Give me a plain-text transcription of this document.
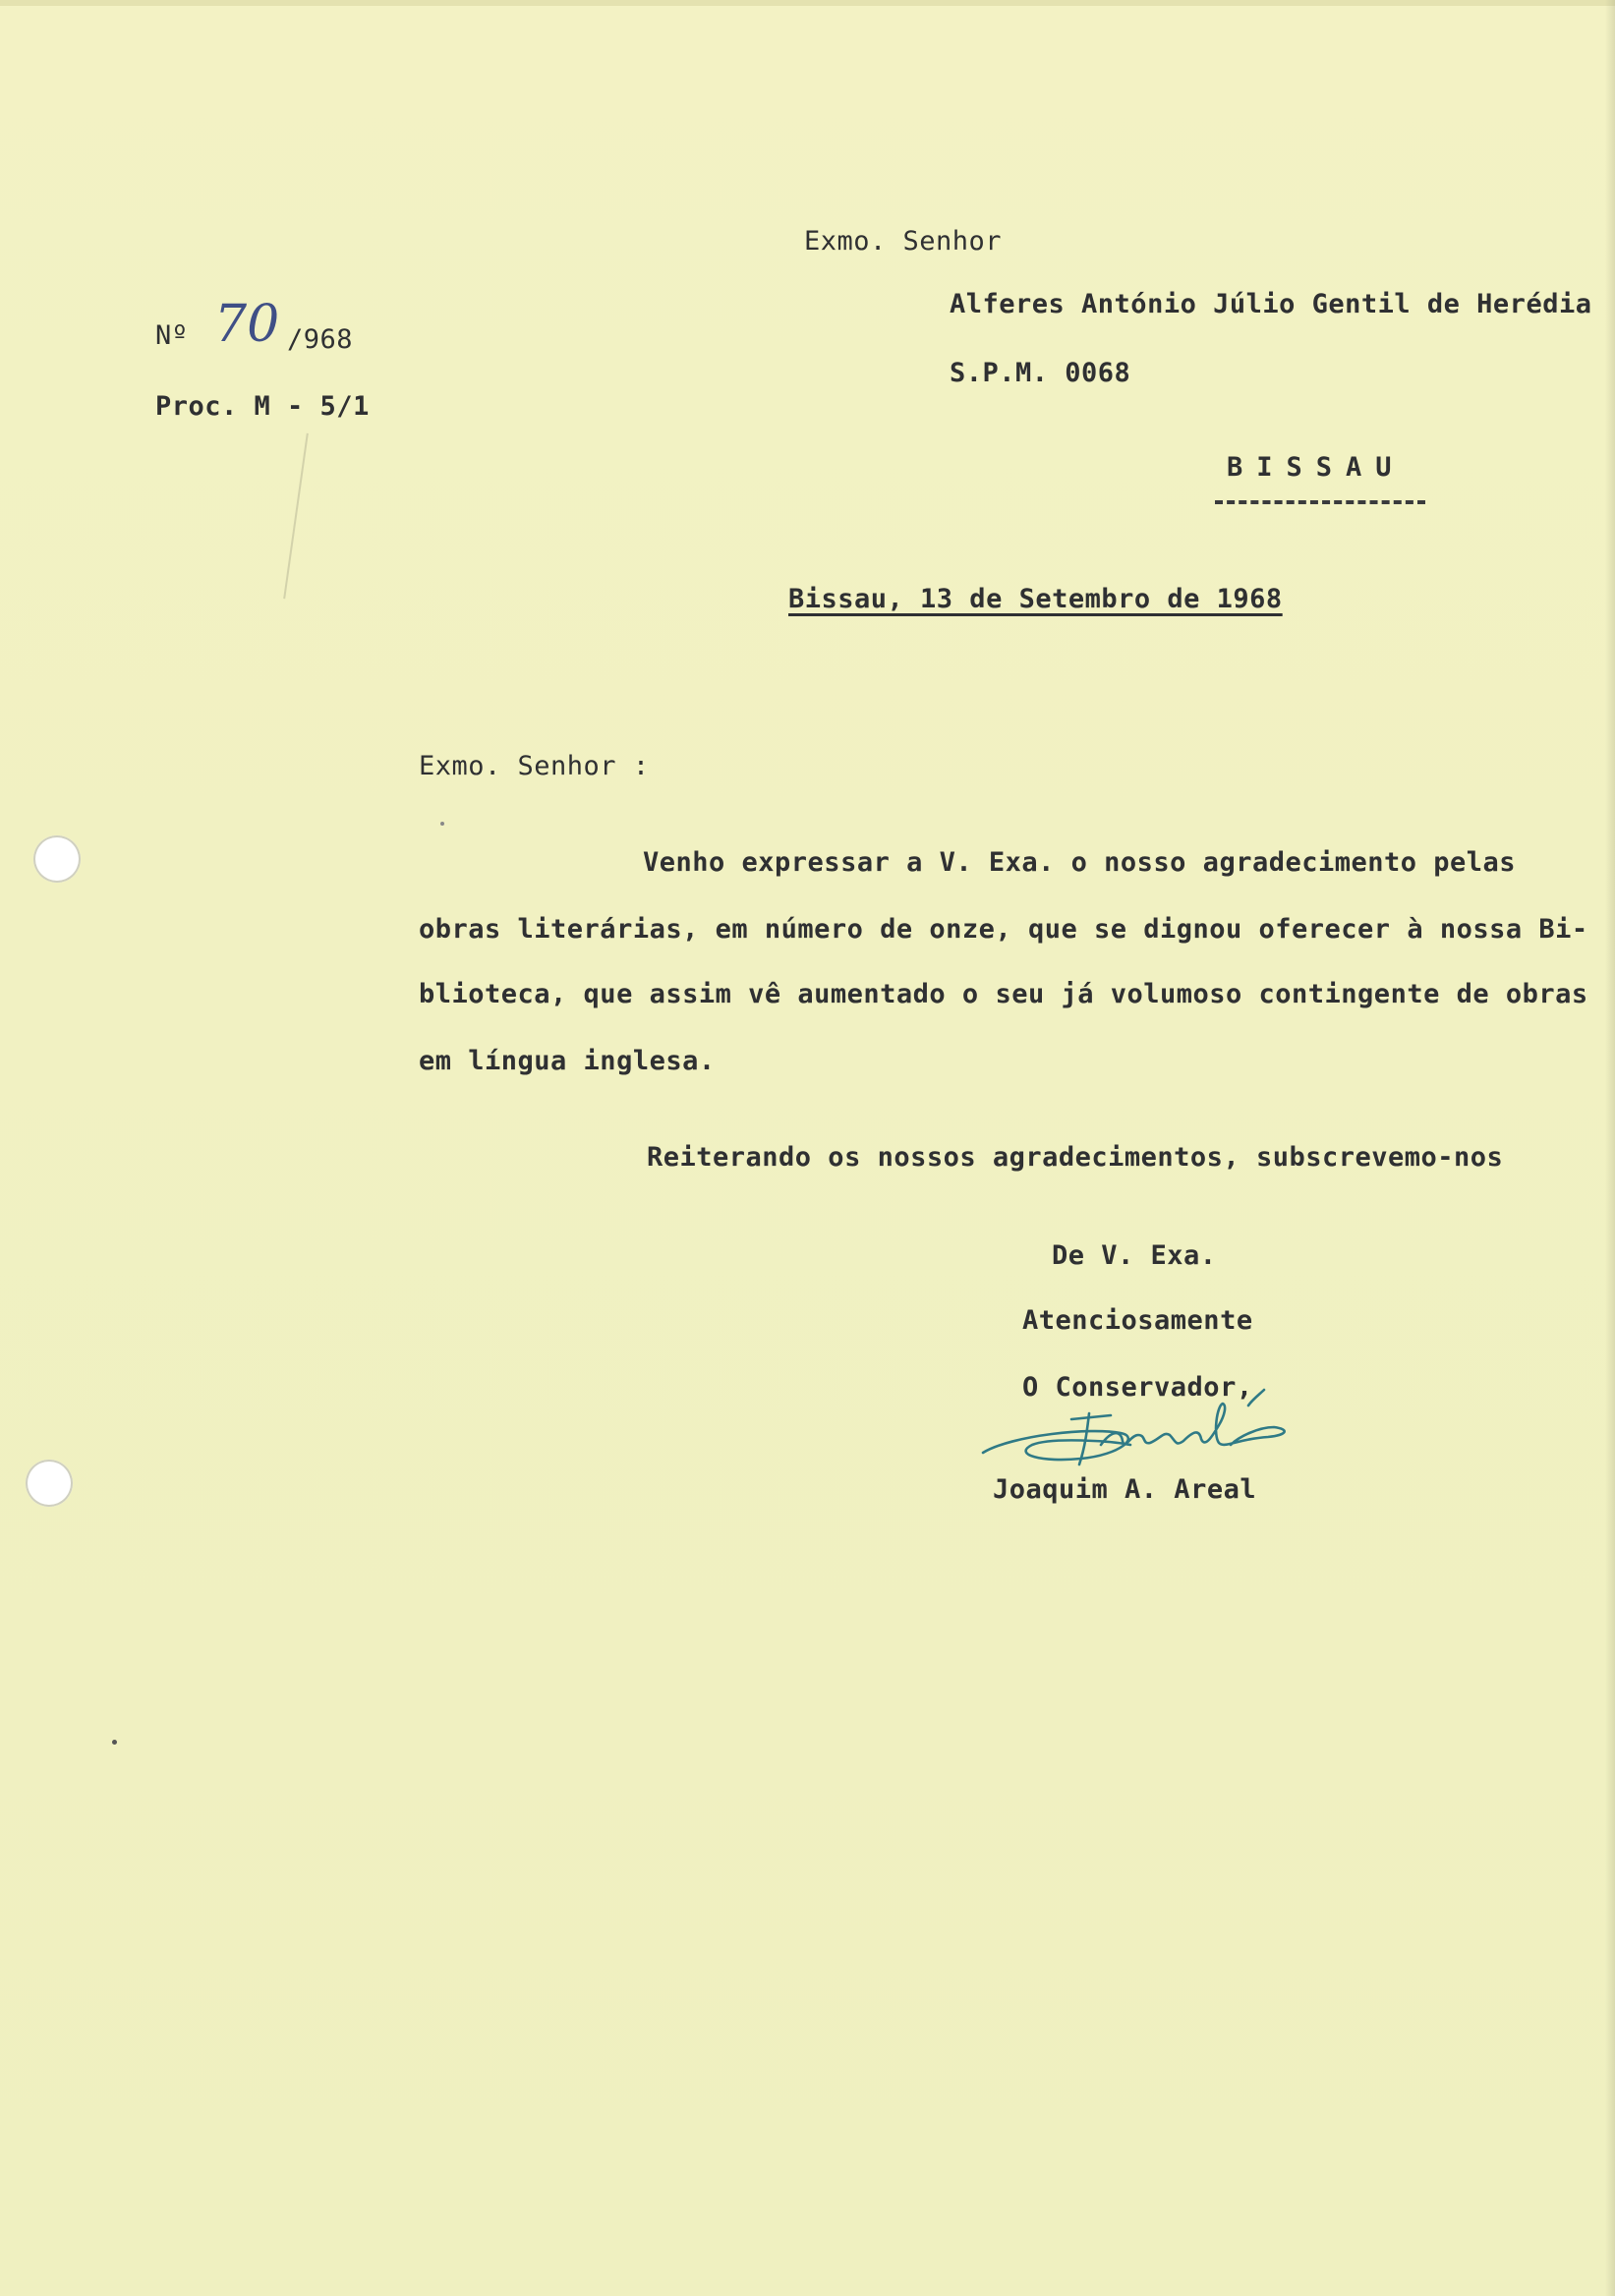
Nº 70 /968
Proc. M - 5/1
Exmo. Senhor
Alferes António Júlio Gentil de Herédia
S.P.M. 0068
BISSAU
Bissau, 13 de Setembro de 1968
Exmo. Senhor :
Venho expressar a V. Exa. o nosso agradecimento pelas
obras literárias, em número de onze, que se dignou oferecer à nossa Bi-
blioteca, que assim vê aumentado o seu já volumoso contingente de obras
em língua inglesa.
Reiterando os nossos agradecimentos, subscrevemo-nos
De V. Exa.
Atenciosamente
O Conservador,
Joaquim A. Areal
